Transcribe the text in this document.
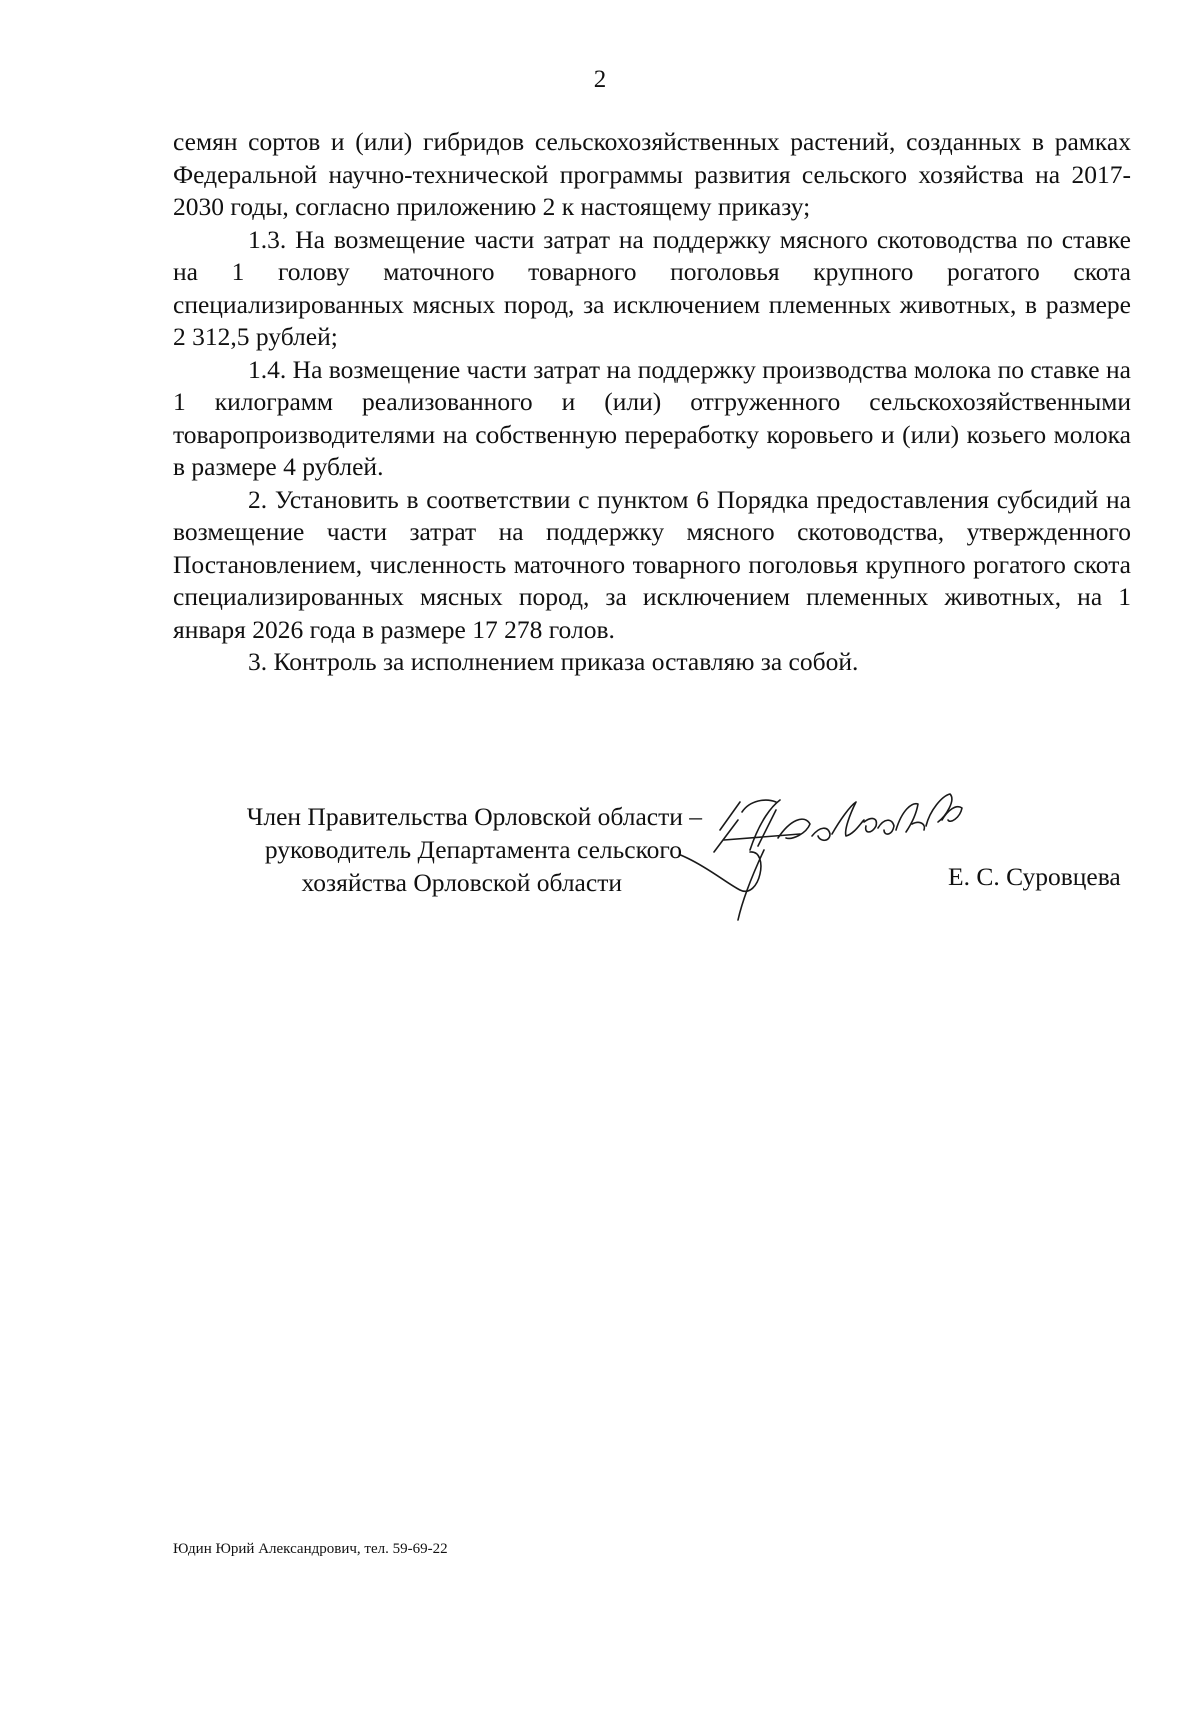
2

семян сортов и (или) гибридов сельскохозяйственных растений, созданных в рамках Федеральной научно-технической программы развития сельского хозяйства на 2017-2030 годы, согласно приложению 2 к настоящему приказу;

1.3. На возмещение части затрат на поддержку мясного скотоводства по ставке на 1 голову маточного товарного поголовья крупного рогатого скота специализированных мясных пород, за исключением племенных животных, в размере 2 312,5 рублей;

1.4. На возмещение части затрат на поддержку производства молока по ставке на 1 килограмм реализованного и (или) отгруженного сельскохозяйственными товаропроизводителями на собственную переработку коровьего и (или) козьего молока в размере 4 рублей.

2. Установить в соответствии с пунктом 6 Порядка предоставления субсидий на возмещение части затрат на поддержку мясного скотоводства, утвержденного Постановлением, численность маточного товарного поголовья крупного рогатого скота специализированных мясных пород, за исключением племенных животных, на 1 января 2026 года в размере 17 278 голов.

3. Контроль за исполнением приказа оставляю за собой.

Член Правительства Орловской области –
руководитель Департамента сельского
хозяйства Орловской области	Е. С. Суровцева
Юдин Юрий Александрович, тел. 59-69-22
